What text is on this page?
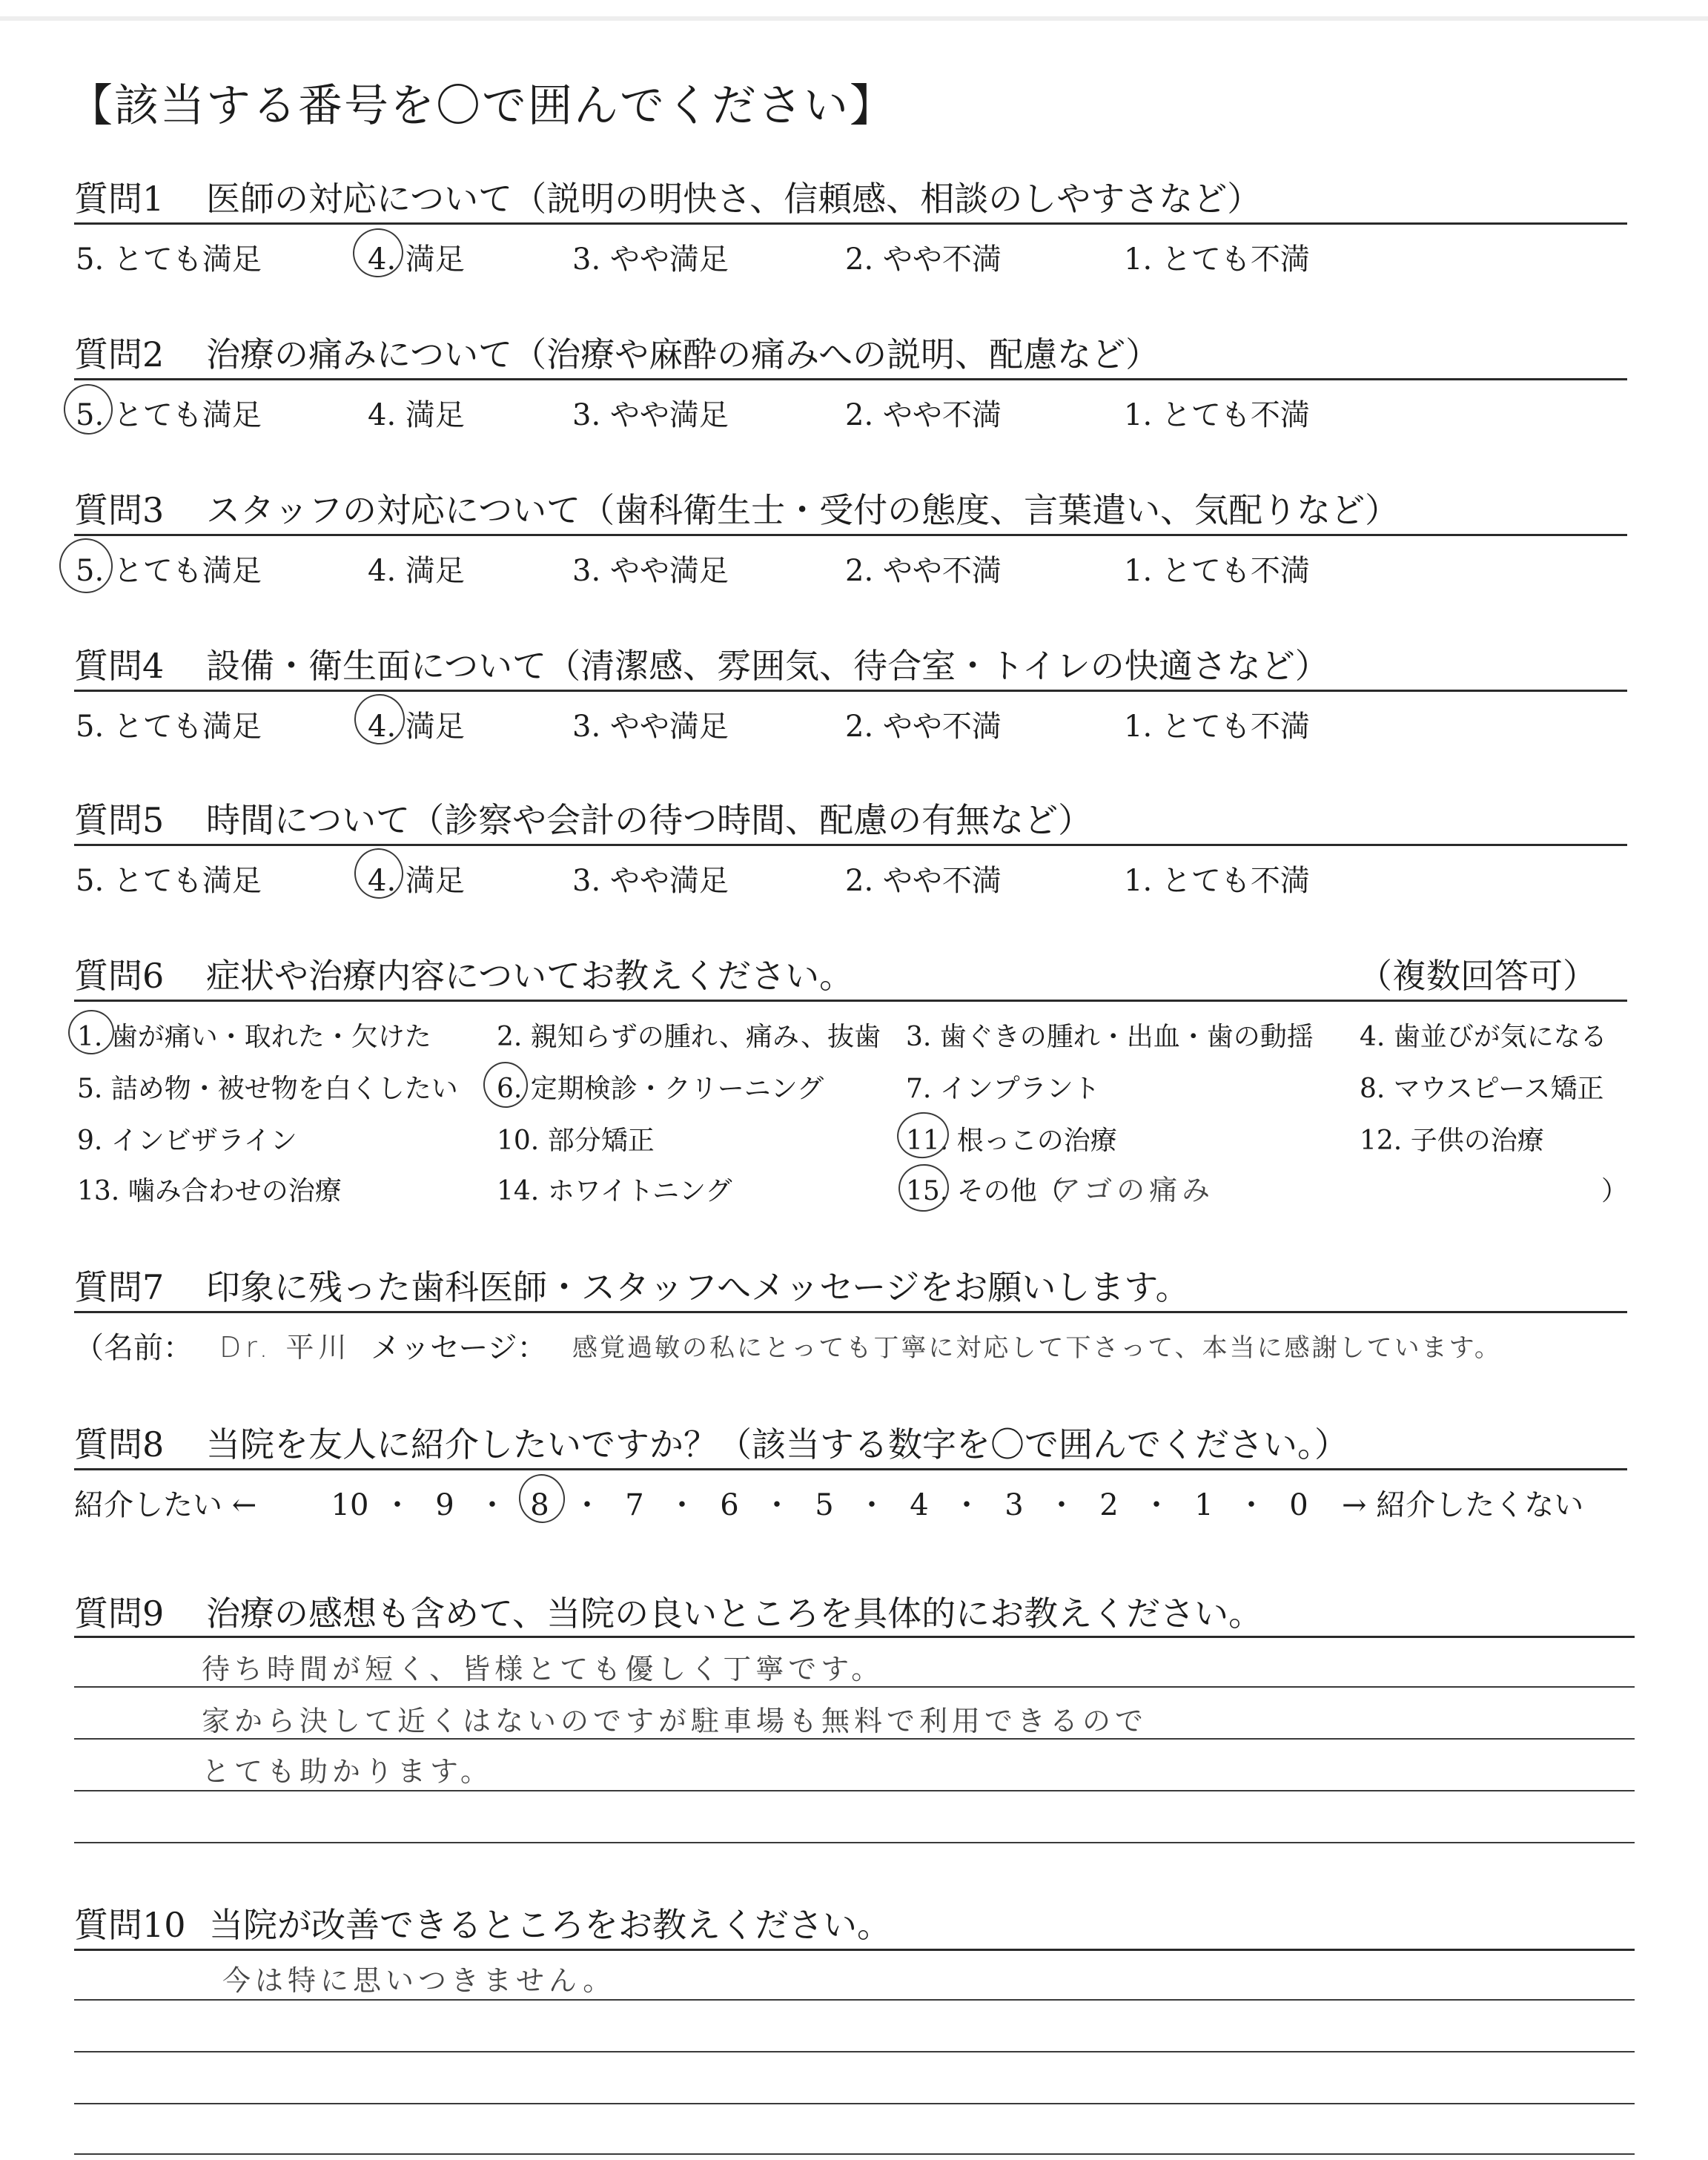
【該当する番号を〇で囲んでください】
質問1 医師の対応について（説明の明快さ、信頼感、相談のしやすさなど）
5. とても満足	4. 満足	3. やや満足	2. やや不満	1. とても不満
質問2 治療の痛みについて（治療や麻酔の痛みへの説明、配慮など）
5. とても満足	4. 満足	3. やや満足	2. やや不満	1. とても不満
質問3 スタッフの対応について（歯科衛生士・受付の態度、言葉遣い、気配りなど）
5. とても満足	4. 満足	3. やや満足	2. やや不満	1. とても不満
質問4 設備・衛生面について（清潔感、雰囲気、待合室・トイレの快適さなど）
5. とても満足	4. 満足	3. やや満足	2. やや不満	1. とても不満
質問5 時間について（診察や会計の待つ時間、配慮の有無など）
5. とても満足	4. 満足	3. やや満足	2. やや不満	1. とても不満
質問6 症状や治療内容についてお教えください。	（複数回答可）
1. 歯が痛い・取れた・欠けた 2. 親知らずの腫れ、痛み、抜歯 3. 歯ぐきの腫れ・出血・歯の動揺 4. 歯並びが気になる
5. 詰め物・被せ物を白くしたい 6. 定期検診・クリーニング	7. インプラント	8. マウスピース矯正
9. インビザライン	10. 部分矯正	11. 根っこの治療	12. 子供の治療
13. 噛み合わせの治療	14. ホワイトニング	15. その他（
アゴの痛み	）
質問7 印象に残った歯科医師・スタッフへメッセージをお願いします。
（名前： Dr. 平川 メッセージ： 感覚過敏の私にとっても丁寧に対応して下さって、本当に感謝しています。
質問8 当院を友人に紹介したいですか？（該当する数字を〇で囲んでください。）
紹介したい ←	10 ・ 9 ・ 8 ・ 7 ・ 6 ・ 5 ・ 4 ・ 3 ・ 2 ・ 1 ・ 0	→ 紹介したくない
質問9 治療の感想も含めて、当院の良いところを具体的にお教えください。
待ち時間が短く、皆様とても優しく丁寧です。
家から決して近くはないのですが駐車場も無料で利用できるので
とても助かります。
質問10 当院が改善できるところをお教えください。
今は特に思いつきません。
